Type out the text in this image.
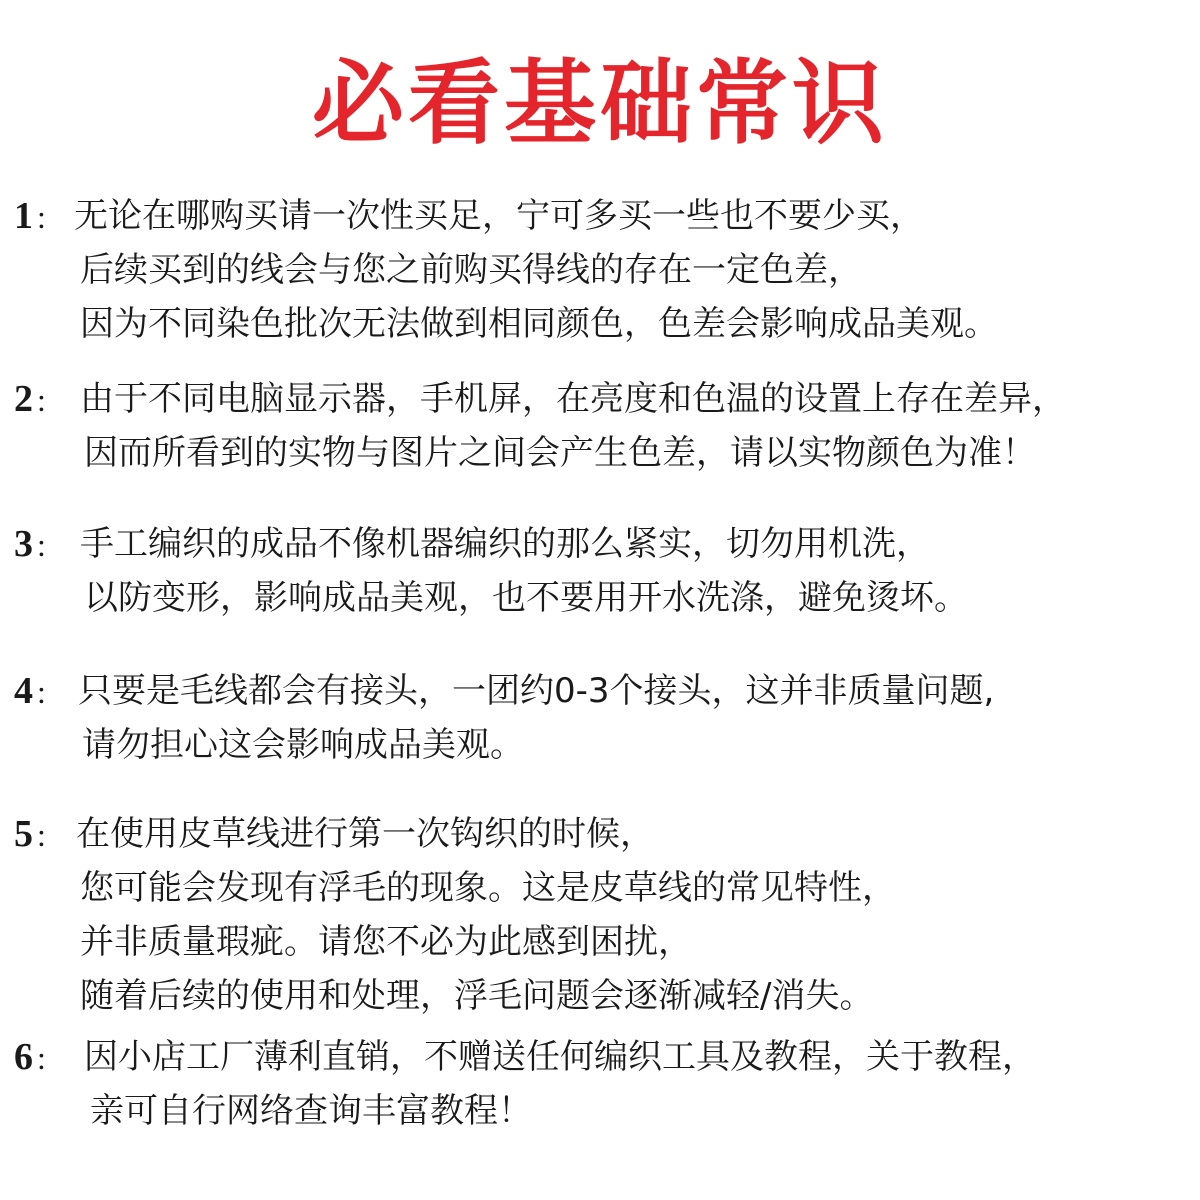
必看基础常识
1 : 无论在哪购买请一次性买足，宁可多买一些也不要少买，
后续买到的线会与您之前购买得线的存在一定色差，
因为不同染色批次无法做到相同颜色，色差会影响成品美观。
2 : 由于不同电脑显示器，手机屏，在亮度和色温的设置上存在差异，
因而所看到的实物与图片之间会产生色差，请以实物颜色为准！
3 : 手工编织的成品不像机器编织的那么紧实，切勿用机洗，
以防变形，影响成品美观，也不要用开水洗涤，避免烫坏。
4 : 只要是毛线都会有接头，一团约0-3个接头，这并非质量问题,
请勿担心这会影响成品美观。
5 : 在使用皮草线进行第一次钩织的时候，
您可能会发现有浮毛的现象。这是皮草线的常见特性，
并非质量瑕疵。请您不必为此感到困扰，
随着后续的使用和处理，浮毛问题会逐渐减轻/消失。
6 : 因小店工厂薄利直销，不赠送任何编织工具及教程，关于教程，
亲可自行网络查询丰富教程！
